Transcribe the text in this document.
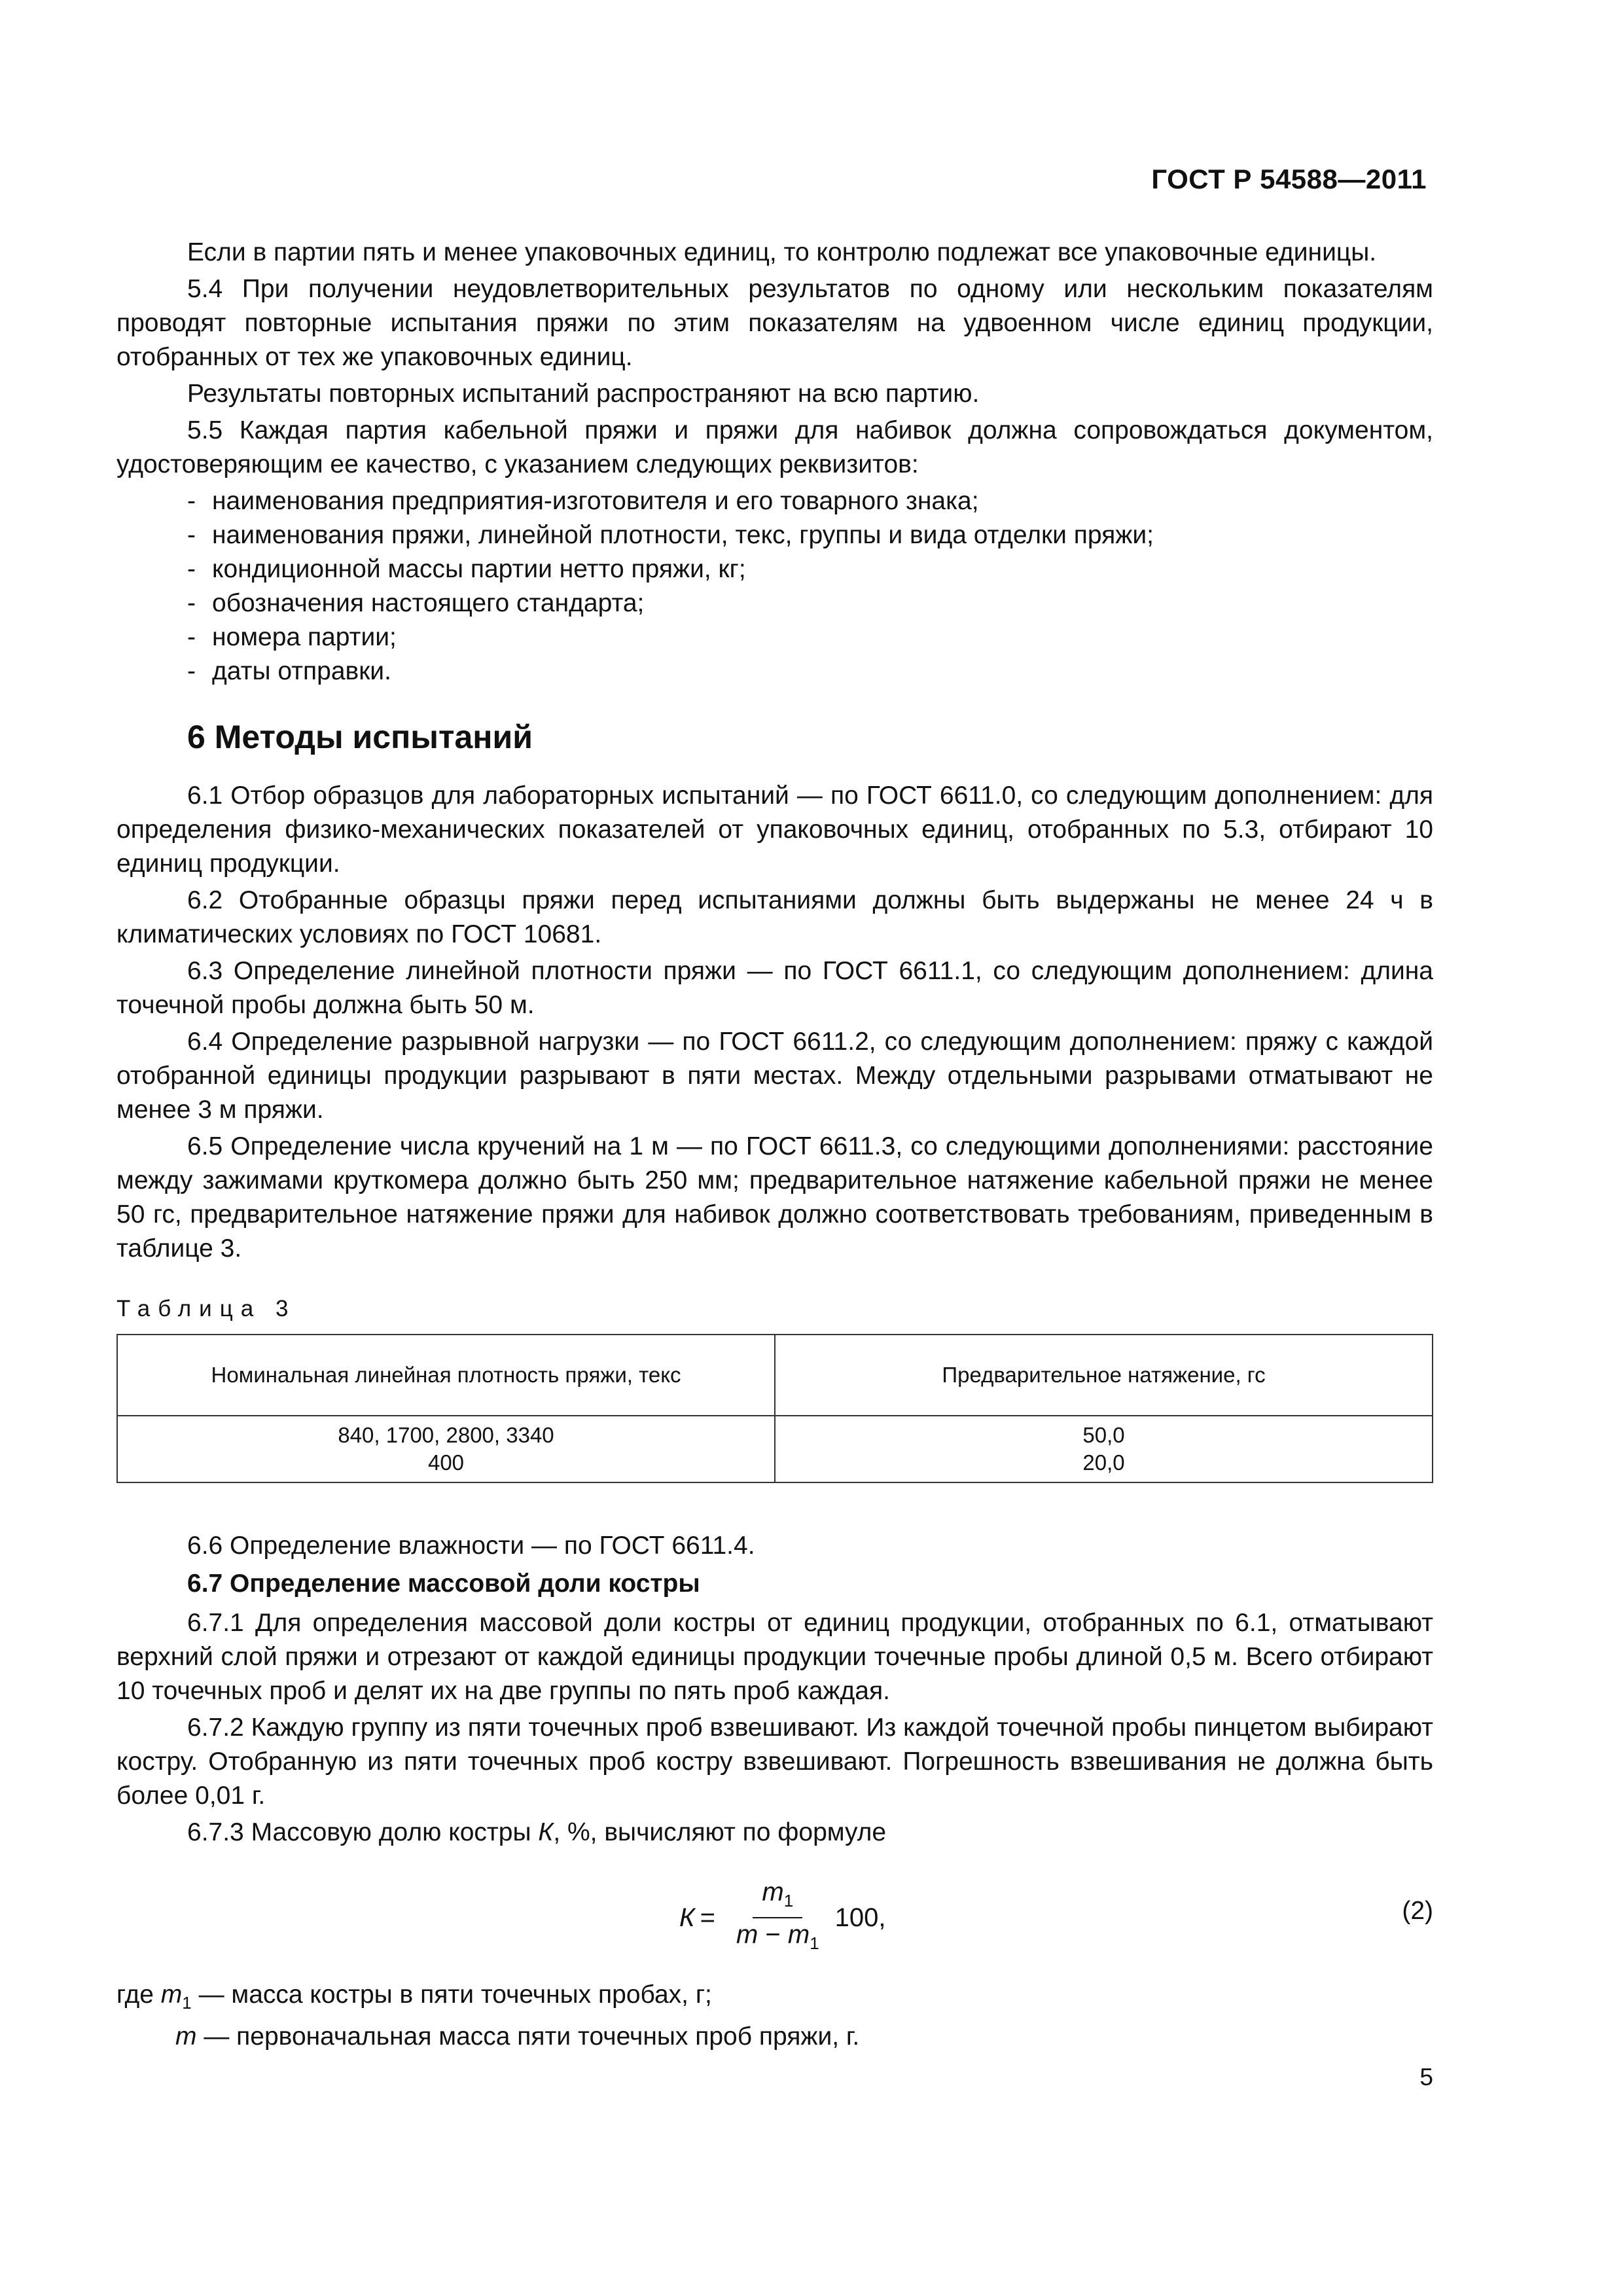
ГОСТ Р 54588—2011

Если в партии пять и менее упаковочных единиц, то контролю подлежат все упаковочные единицы.

5.4 При получении неудовлетворительных результатов по одному или нескольким показателям проводят повторные испытания пряжи по этим показателям на удвоенном числе единиц продукции, отобранных от тех же упаковочных единиц.

Результаты повторных испытаний распространяют на всю партию.

5.5 Каждая партия кабельной пряжи и пряжи для набивок должна сопровождаться документом, удостоверяющим ее качество, с указанием следующих реквизитов:

- наименования предприятия-изготовителя и его товарного знака;

- наименования пряжи, линейной плотности, текс, группы и вида отделки пряжи;

- кондиционной массы партии нетто пряжи, кг;

- обозначения настоящего стандарта;

- номера партии;

- даты отправки.

6 Методы испытаний

6.1 Отбор образцов для лабораторных испытаний — по ГОСТ 6611.0, со следующим дополнением: для определения физико-механических показателей от упаковочных единиц, отобранных по 5.3, отбирают 10 единиц продукции.

6.2 Отобранные образцы пряжи перед испытаниями должны быть выдержаны не менее 24 ч в климатических условиях по ГОСТ 10681.

6.3 Определение линейной плотности пряжи — по ГОСТ 6611.1, со следующим дополнением: длина точечной пробы должна быть 50 м.

6.4 Определение разрывной нагрузки — по ГОСТ 6611.2, со следующим дополнением: пряжу с каждой отобранной единицы продукции разрывают в пяти местах. Между отдельными разрывами отматывают не менее 3 м пряжи.

6.5 Определение числа кручений на 1 м — по ГОСТ 6611.3, со следующими дополнениями: расстояние между зажимами круткомера должно быть 250 мм; предварительное натяжение кабельной пряжи не менее 50 гс, предварительное натяжение пряжи для набивок должно соответствовать требованиям, приведенным в таблице 3.

Таблица 3
Номинальная линейная плотность пряжи, текс	Предварительное натяжение, гс
840, 1700, 2800, 3340	50,0
400	20,0

6.6 Определение влажности — по ГОСТ 6611.4.

6.7 Определение массовой доли костры

6.7.1 Для определения массовой доли костры от единиц продукции, отобранных по 6.1, отматывают верхний слой пряжи и отрезают от каждой единицы продукции точечные пробы длиной 0,5 м. Всего отбирают 10 точечных проб и делят их на две группы по пять проб каждая.

6.7.2 Каждую группу из пяти точечных проб взвешивают. Из каждой точечной пробы пинцетом выбирают костру. Отобранную из пяти точечных проб костру взвешивают. Погрешность взвешивания не должна быть более 0,01 г.

6.7.3 Массовую долю костры К, %, вычисляют по формуле

$К = \frac{m_1}{m - m_1} 100$,	(2)

где $m_1$ — масса костры в пяти точечных пробах, г;

m — первоначальная масса пяти точечных проб пряжи, г.

5
